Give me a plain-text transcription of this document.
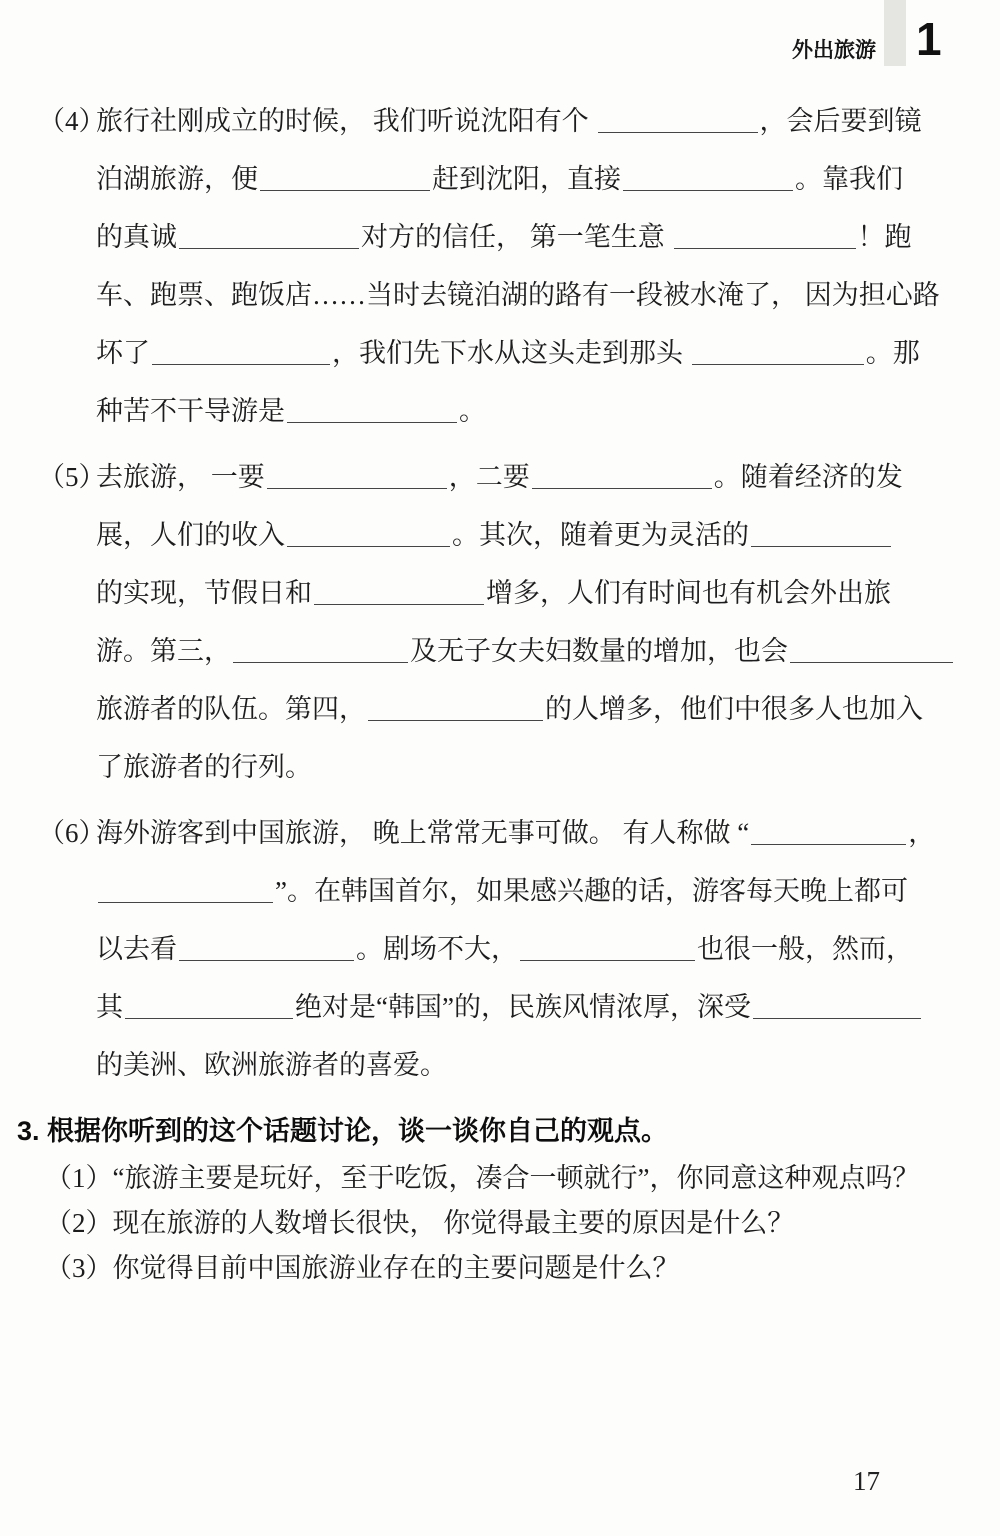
外出旅游 1
（4）
旅行社刚成立的时候， 我们听说沈阳有个	，会后要到镜
泊湖旅游，便	赶到沈阳，直接	。靠我们
的真诚	对方的信任， 第一笔生意	！跑
车、跑票、跑饭店……当时去镜泊湖的路有一段被水淹了， 因为担心路
坏了	，我们先下水从这头走到那头	。那
种苦不干导游是	。
（5）
去旅游， 一要	，二要	。随着经济的发
展，人们的收入	。其次，随着更为灵活的
的实现，节假日和	增多，人们有时间也有机会外出旅
游。第三，	及无子女夫妇数量的增加，也会
旅游者的队伍。第四，	的人增多，他们中很多人也加入
了旅游者的行列。
（6）
海外游客到中国旅游， 晚上常常无事可做。 有人称做 “	，
”。在韩国首尔，如果感兴趣的话，游客每天晚上都可
以去看	。剧场不大，	也很一般，然而，
其	绝对是“韩国”的，民族风情浓厚，深受
的美洲、欧洲旅游者的喜爱。
3. 根据你听到的这个话题讨论，谈一谈你自己的观点。
（1）“旅游主要是玩好，至于吃饭，凑合一顿就行”，你同意这种观点吗？
（2）现在旅游的人数增长很快， 你觉得最主要的原因是什么？
（3）你觉得目前中国旅游业存在的主要问题是什么？
17
